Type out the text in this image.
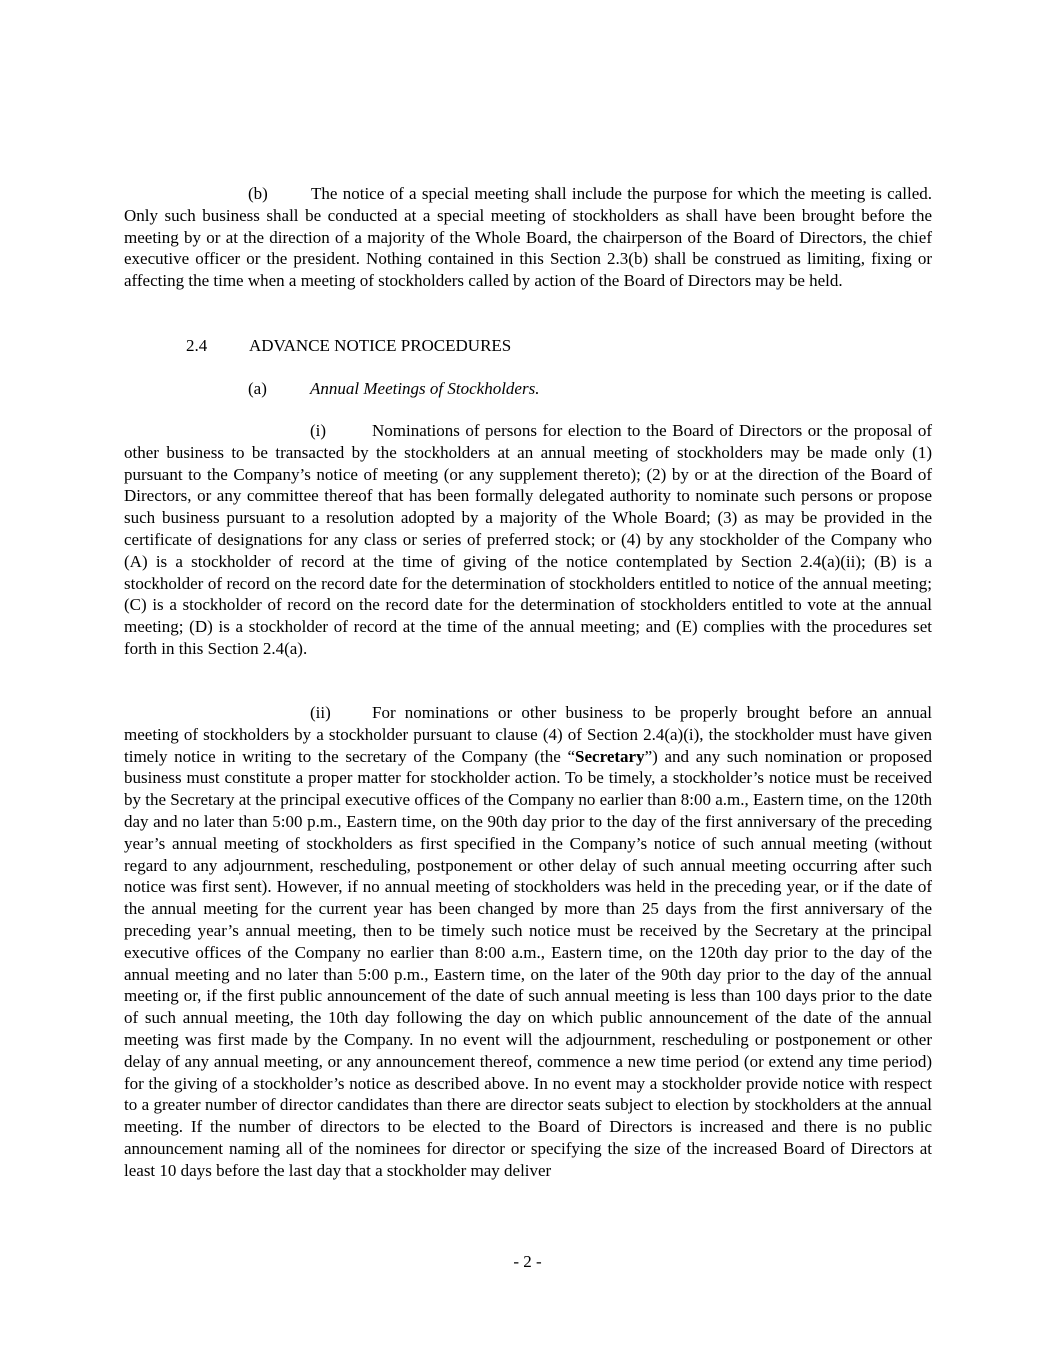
(b)	The notice of a special meeting shall include the purpose for which the meeting is called. Only such business shall be conducted at a special meeting of stockholders as shall have been brought before the meeting by or at the direction of a majority of the Whole Board, the chairperson of the Board of Directors, the chief executive officer or the president. Nothing contained in this Section 2.3(b) shall be construed as limiting, fixing or affecting the time when a meeting of stockholders called by action of the Board of Directors may be held.

2.4 ADVANCE NOTICE PROCEDURES
(a)	Annual Meetings of Stockholders.

(i)	Nominations of persons for election to the Board of Directors or the proposal of other business to be transacted by the stockholders at an annual meeting of stockholders may be made only (1) pursuant to the Company’s notice of meeting (or any supplement thereto); (2) by or at the direction of the Board of Directors, or any committee thereof that has been formally delegated authority to nominate such persons or propose such business pursuant to a resolution adopted by a majority of the Whole Board; (3) as may be provided in the certificate of designations for any class or series of preferred stock; or (4) by any stockholder of the Company who (A) is a stockholder of record at the time of giving of the notice contemplated by Section 2.4(a)(ii); (B) is a stockholder of record on the record date for the determination of stockholders entitled to notice of the annual meeting; (C) is a stockholder of record on the record date for the determination of stockholders entitled to vote at the annual meeting; (D) is a stockholder of record at the time of the annual meeting; and (E) complies with the procedures set forth in this Section 2.4(a).

(ii) For nominations or other business to be properly brought before an annual meeting of stockholders by a stockholder pursuant to clause (4) of Section 2.4(a)(i), the stockholder must have given timely notice in writing to the secretary of the Company (the “Secretary”) and any such nomination or proposed business must constitute a proper matter for stockholder action. To be timely, a stockholder’s notice must be received by the Secretary at the principal executive offices of the Company no earlier than 8:00 a.m., Eastern time, on the 120th day and no later than 5:00 p.m., Eastern time, on the 90th day prior to the day of the first anniversary of the preceding year’s annual meeting of stockholders as first specified in the Company’s notice of such annual meeting (without regard to any adjournment, rescheduling, postponement or other delay of such annual meeting occurring after such notice was first sent). However, if no annual meeting of stockholders was held in the preceding year, or if the date of the annual meeting for the current year has been changed by more than 25 days from the first anniversary of the preceding year’s annual meeting, then to be timely such notice must be received by the Secretary at the principal executive offices of the Company no earlier than 8:00 a.m., Eastern time, on the 120th day prior to the day of the annual meeting and no later than 5:00 p.m., Eastern time, on the later of the 90th day prior to the day of the annual meeting or, if the first public announcement of the date of such annual meeting is less than 100 days prior to the date of such annual meeting, the 10th day following the day on which public announcement of the date of the annual meeting was first made by the Company. In no event will the adjournment, rescheduling or postponement or other delay of any annual meeting, or any announcement thereof, commence a new time period (or extend any time period) for the giving of a stockholder’s notice as described above. In no event may a stockholder provide notice with respect to a greater number of director candidates than there are director seats subject to election by stockholders at the annual meeting. If the number of directors to be elected to the Board of Directors is increased and there is no public announcement naming all of the nominees for director or specifying the size of the increased Board of Directors at least 10 days before the last day that a stockholder may deliver

- 2 -
